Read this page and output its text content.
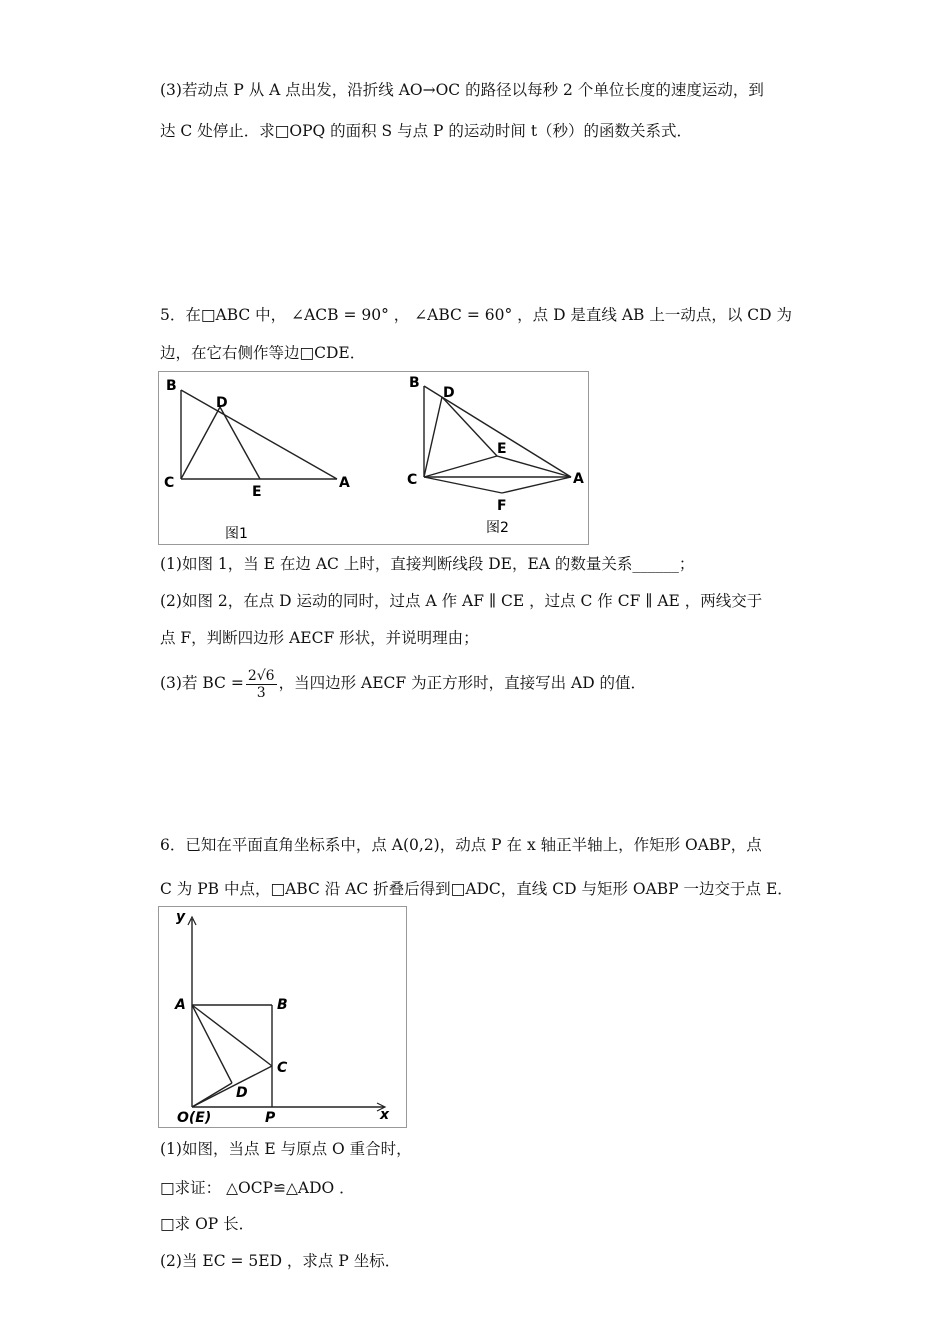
(3)若动点 P 从 A 点出发，沿折线 AO→OC 的路径以每秒 2 个单位长度的速度运动，到
达 C 处停止．求□OPQ 的面积 S 与点 P 的运动时间 t（秒）的函数关系式．
5．在□ABC 中， ∠ACB = 90° ， ∠ABC = 60° ，点 D 是直线 AB 上一动点，以 CD 为
边，在它右侧作等边□CDE．
B
D
C
E
A
图1
B
D
E
C	A
F
图2
(1)如图 1，当 E 在边 AC 上时，直接判断线段 DE，EA 的数量关系______；
(2)如图 2，在点 D 运动的同时，过点 A 作 AF ∥ CE ，过点 C 作 CF ∥ AE ，两线交于
点 F，判断四边形 AECF 形状，并说明理由；
(3)若 BC = $\frac{2√6}{3}$ ，当四边形 AECF 为正方形时，直接写出 AD 的值．
6．已知在平面直角坐标系中，点 A(0,2)，动点 P 在 x 轴正半轴上，作矩形 OABP，点
C 为 PB 中点，□ABC 沿 AC 折叠后得到□ADC，直线 CD 与矩形 OABP 一边交于点 E．
y
A	B
C
D
O(E)	P	x
(1)如图，当点 E 与原点 O 重合时，
□求证： △OCP≌△ADO ．
□求 OP 长．
(2)当 EC = 5ED ，求点 P 坐标．
